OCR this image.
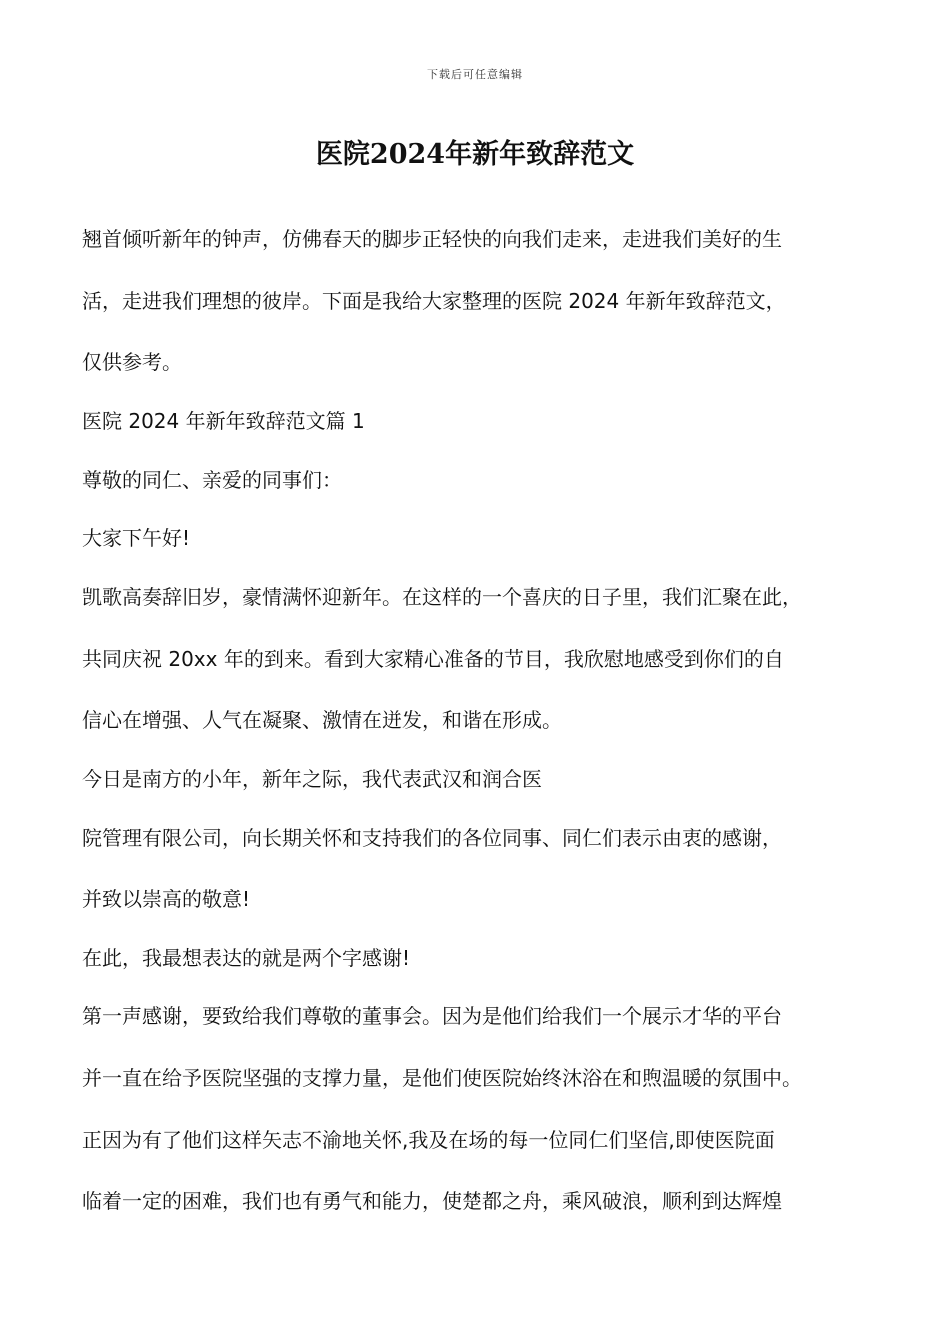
下载后可任意编辑
医院2024年新年致辞范文

翘首倾听新年的钟声，仿佛春天的脚步正轻快的向我们走来，走进我们美好的生

活，走进我们理想的彼岸。下面是我给大家整理的医院 2024 年新年致辞范文，

仅供参考。

医院 2024 年新年致辞范文篇 1

尊敬的同仁、亲爱的同事们：

大家下午好!

凯歌高奏辞旧岁，豪情满怀迎新年。在这样的一个喜庆的日子里，我们汇聚在此，

共同庆祝 20xx 年的到来。看到大家精心准备的节目，我欣慰地感受到你们的自

信心在增强、人气在凝聚、激情在迸发，和谐在形成。

今日是南方的小年，新年之际，我代表武汉和润合医

院管理有限公司，向长期关怀和支持我们的各位同事、同仁们表示由衷的感谢，

并致以崇高的敬意!

在此，我最想表达的就是两个字感谢!

第一声感谢，要致给我们尊敬的董事会。因为是他们给我们一个展示才华的平台

并一直在给予医院坚强的支撑力量，是他们使医院始终沐浴在和煦温暖的氛围中。

正因为有了他们这样矢志不渝地关怀,我及在场的每一位同仁们坚信,即使医院面

临着一定的困难，我们也有勇气和能力，使楚都之舟，乘风破浪，顺利到达辉煌
